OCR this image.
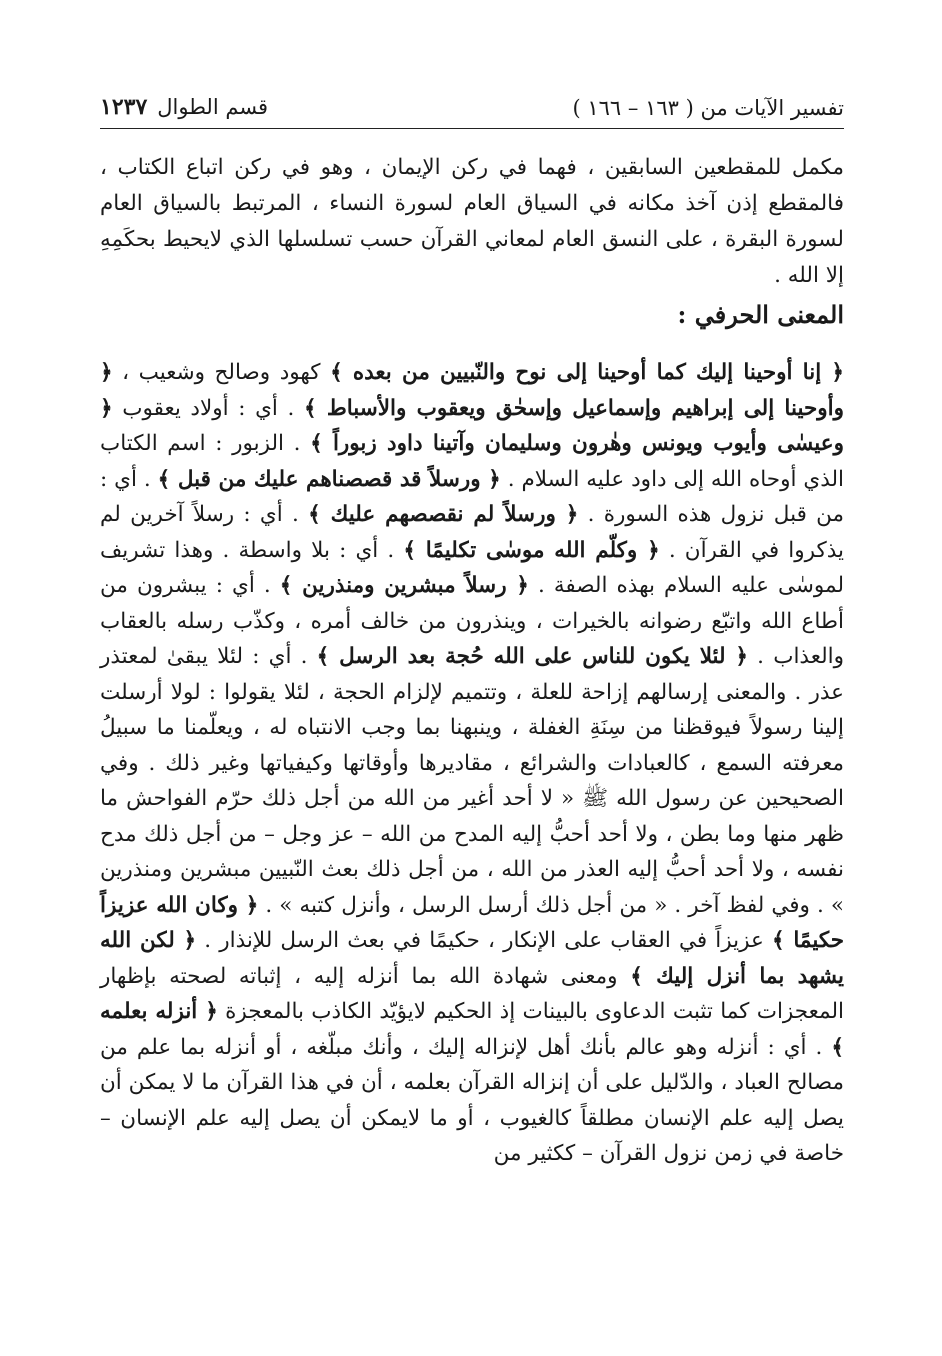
تفسير الآيات من ( ١٦٣ – ١٦٦ )
قسم الطوال
١٢٣٧

مكمل للمقطعين السابقين ، فهما في ركن الإيمان ، وهو في ركن اتباع الكتاب ، فالمقطع إذن آخذ مكانه في السياق العام لسورة النساء ، المرتبط بالسياق العام لسورة البقرة ، على النسق العام لمعاني القرآن حسب تسلسلها الذي لايحيط بحكَمِهِ إلا الله .

المعنى الحرفي :

﴿ إنا أوحينا إليك كما أوحينا إلى نوح والنّبيين من بعده ﴾ كهود وصالح وشعيب ، ﴿ وأوحينا إلى إبراهيم وإسماعيل وإسحٰق ويعقوب والأسباط ﴾ . أي : أولاد يعقوب ﴿ وعيسٰى وأيوب ويونس وهٰرون وسليمان وآتينا داود زبوراً ﴾ . الزبور : اسم الكتاب الذي أوحاه الله إلى داود عليه السلام . ﴿ ورسلاً قد قصصناهم عليك من قبل ﴾ . أي : من قبل نزول هذه السورة . ﴿ ورسلاً لم نقصصهم عليك ﴾ . أي : رسلاً آخرين لم يذكروا في القرآن . ﴿ وكلّم الله موسٰى تكليمًا ﴾ . أي : بلا واسطة . وهذا تشريف لموسٰى عليه السلام بهذه الصفة . ﴿ رسلاً مبشرين ومنذرين ﴾ . أي : يبشرون من أطاع الله واتبّع رضوانه بالخيرات ، وينذرون من خالف أمره ، وكذّب رسله بالعقاب والعذاب . ﴿ لئلا يكون للناس على الله حُجة بعد الرسل ﴾ . أي : لئلا يبقىٰ لمعتذر عذر . والمعنى إرسالهم إزاحة للعلة ، وتتميم لإلزام الحجة ، لئلا يقولوا : لولا أرسلت إلينا رسولاً فيوقظنا من سِنَةِ الغفلة ، وينبهنا بما وجب الانتباه له ، ويعلّمنا ما سبيلُ معرفته السمع ، كالعبادات والشرائع ، مقاديرها وأوقاتها وكيفياتها وغير ذلك . وفي الصحيحين عن رسول الله ﷺ « لا أحد أغير من الله من أجل ذلك حرّم الفواحش ما ظهر منها وما بطن ، ولا أحد أحبُّ إليه المدح من الله – عز وجل – من أجل ذلك مدح نفسه ، ولا أحد أحبُّ إليه العذر من الله ، من أجل ذلك بعث النّبيين مبشرين ومنذرين » . وفي لفظ آخر . « من أجل ذلك أرسل الرسل ، وأنزل كتبه » . ﴿ وكان الله عزيزاً حكيمًا ﴾ عزيزاً في العقاب على الإنكار ، حكيمًا في بعث الرسل للإنذار . ﴿ لكن الله يشهد بما أنزل إليك ﴾ ومعنى شهادة الله بما أنزله إليه ، إثباته لصحته بإظهار المعجزات كما تثبت الدعاوى بالبينات إذ الحكيم لايؤيّد الكاذب بالمعجزة ﴿ أنزله بعلمه ﴾ . أي : أنزله وهو عالم بأنك أهل لإنزاله إليك ، وأنك مبلّغه ، أو أنزله بما علم من مصالح العباد ، والدّليل على أن إنزاله القرآن بعلمه ، أن في هذا القرآن ما لا يمكن أن يصل إليه علم الإنسان مطلقاً كالغيوب ، أو ما لايمكن أن يصل إليه علم الإنسان – خاصة في زمن نزول القرآن – ككثير من
